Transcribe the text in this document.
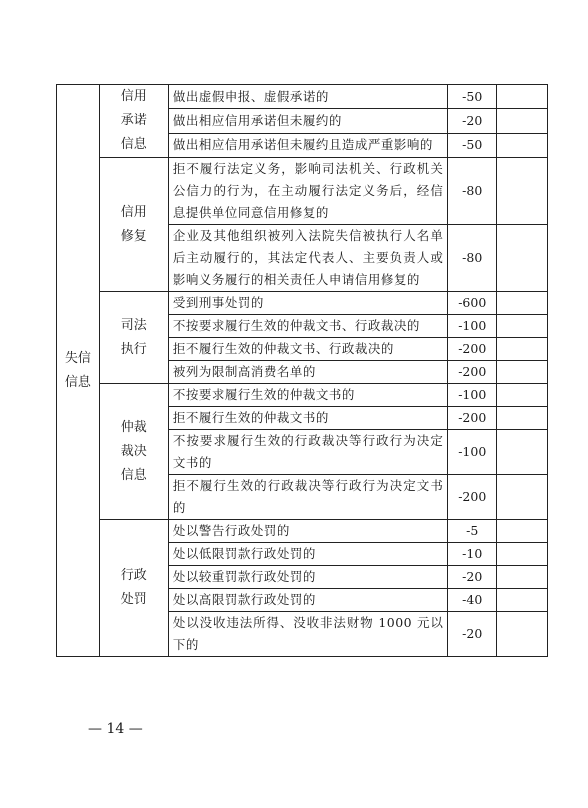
失信信息	信用承诺信息	做出虚假申报、虚假承诺的	-50	
		做出相应信用承诺但未履约的	-20	
		做出相应信用承诺但未履约且造成严重影响的	-50	
	信用修复	拒不履行法定义务，影响司法机关、行政机关公信力的行为，在主动履行法定义务后，经信息提供单位同意信用修复的	-80	
		企业及其他组织被列入法院失信被执行人名单后主动履行的，其法定代表人、主要负责人或影响义务履行的相关责任人申请信用修复的	-80	
	司法执行	受到刑事处罚的	-600	
		不按要求履行生效的仲裁文书、行政裁决的	-100	
		拒不履行生效的仲裁文书、行政裁决的	-200	
		被列为限制高消费名单的	-200	
	仲裁裁决信息	不按要求履行生效的仲裁文书的	-100	
		拒不履行生效的仲裁文书的	-200	
		不按要求履行生效的行政裁决等行政行为决定文书的	-100	
		拒不履行生效的行政裁决等行政行为决定文书的	-200	
	行政处罚	处以警告行政处罚的	-5	
		处以低限罚款行政处罚的	-10	
		处以较重罚款行政处罚的	-20	
		处以高限罚款行政处罚的	-40	
		处以没收违法所得、没收非法财物 1000 元以下的	-20	
— 14 —
